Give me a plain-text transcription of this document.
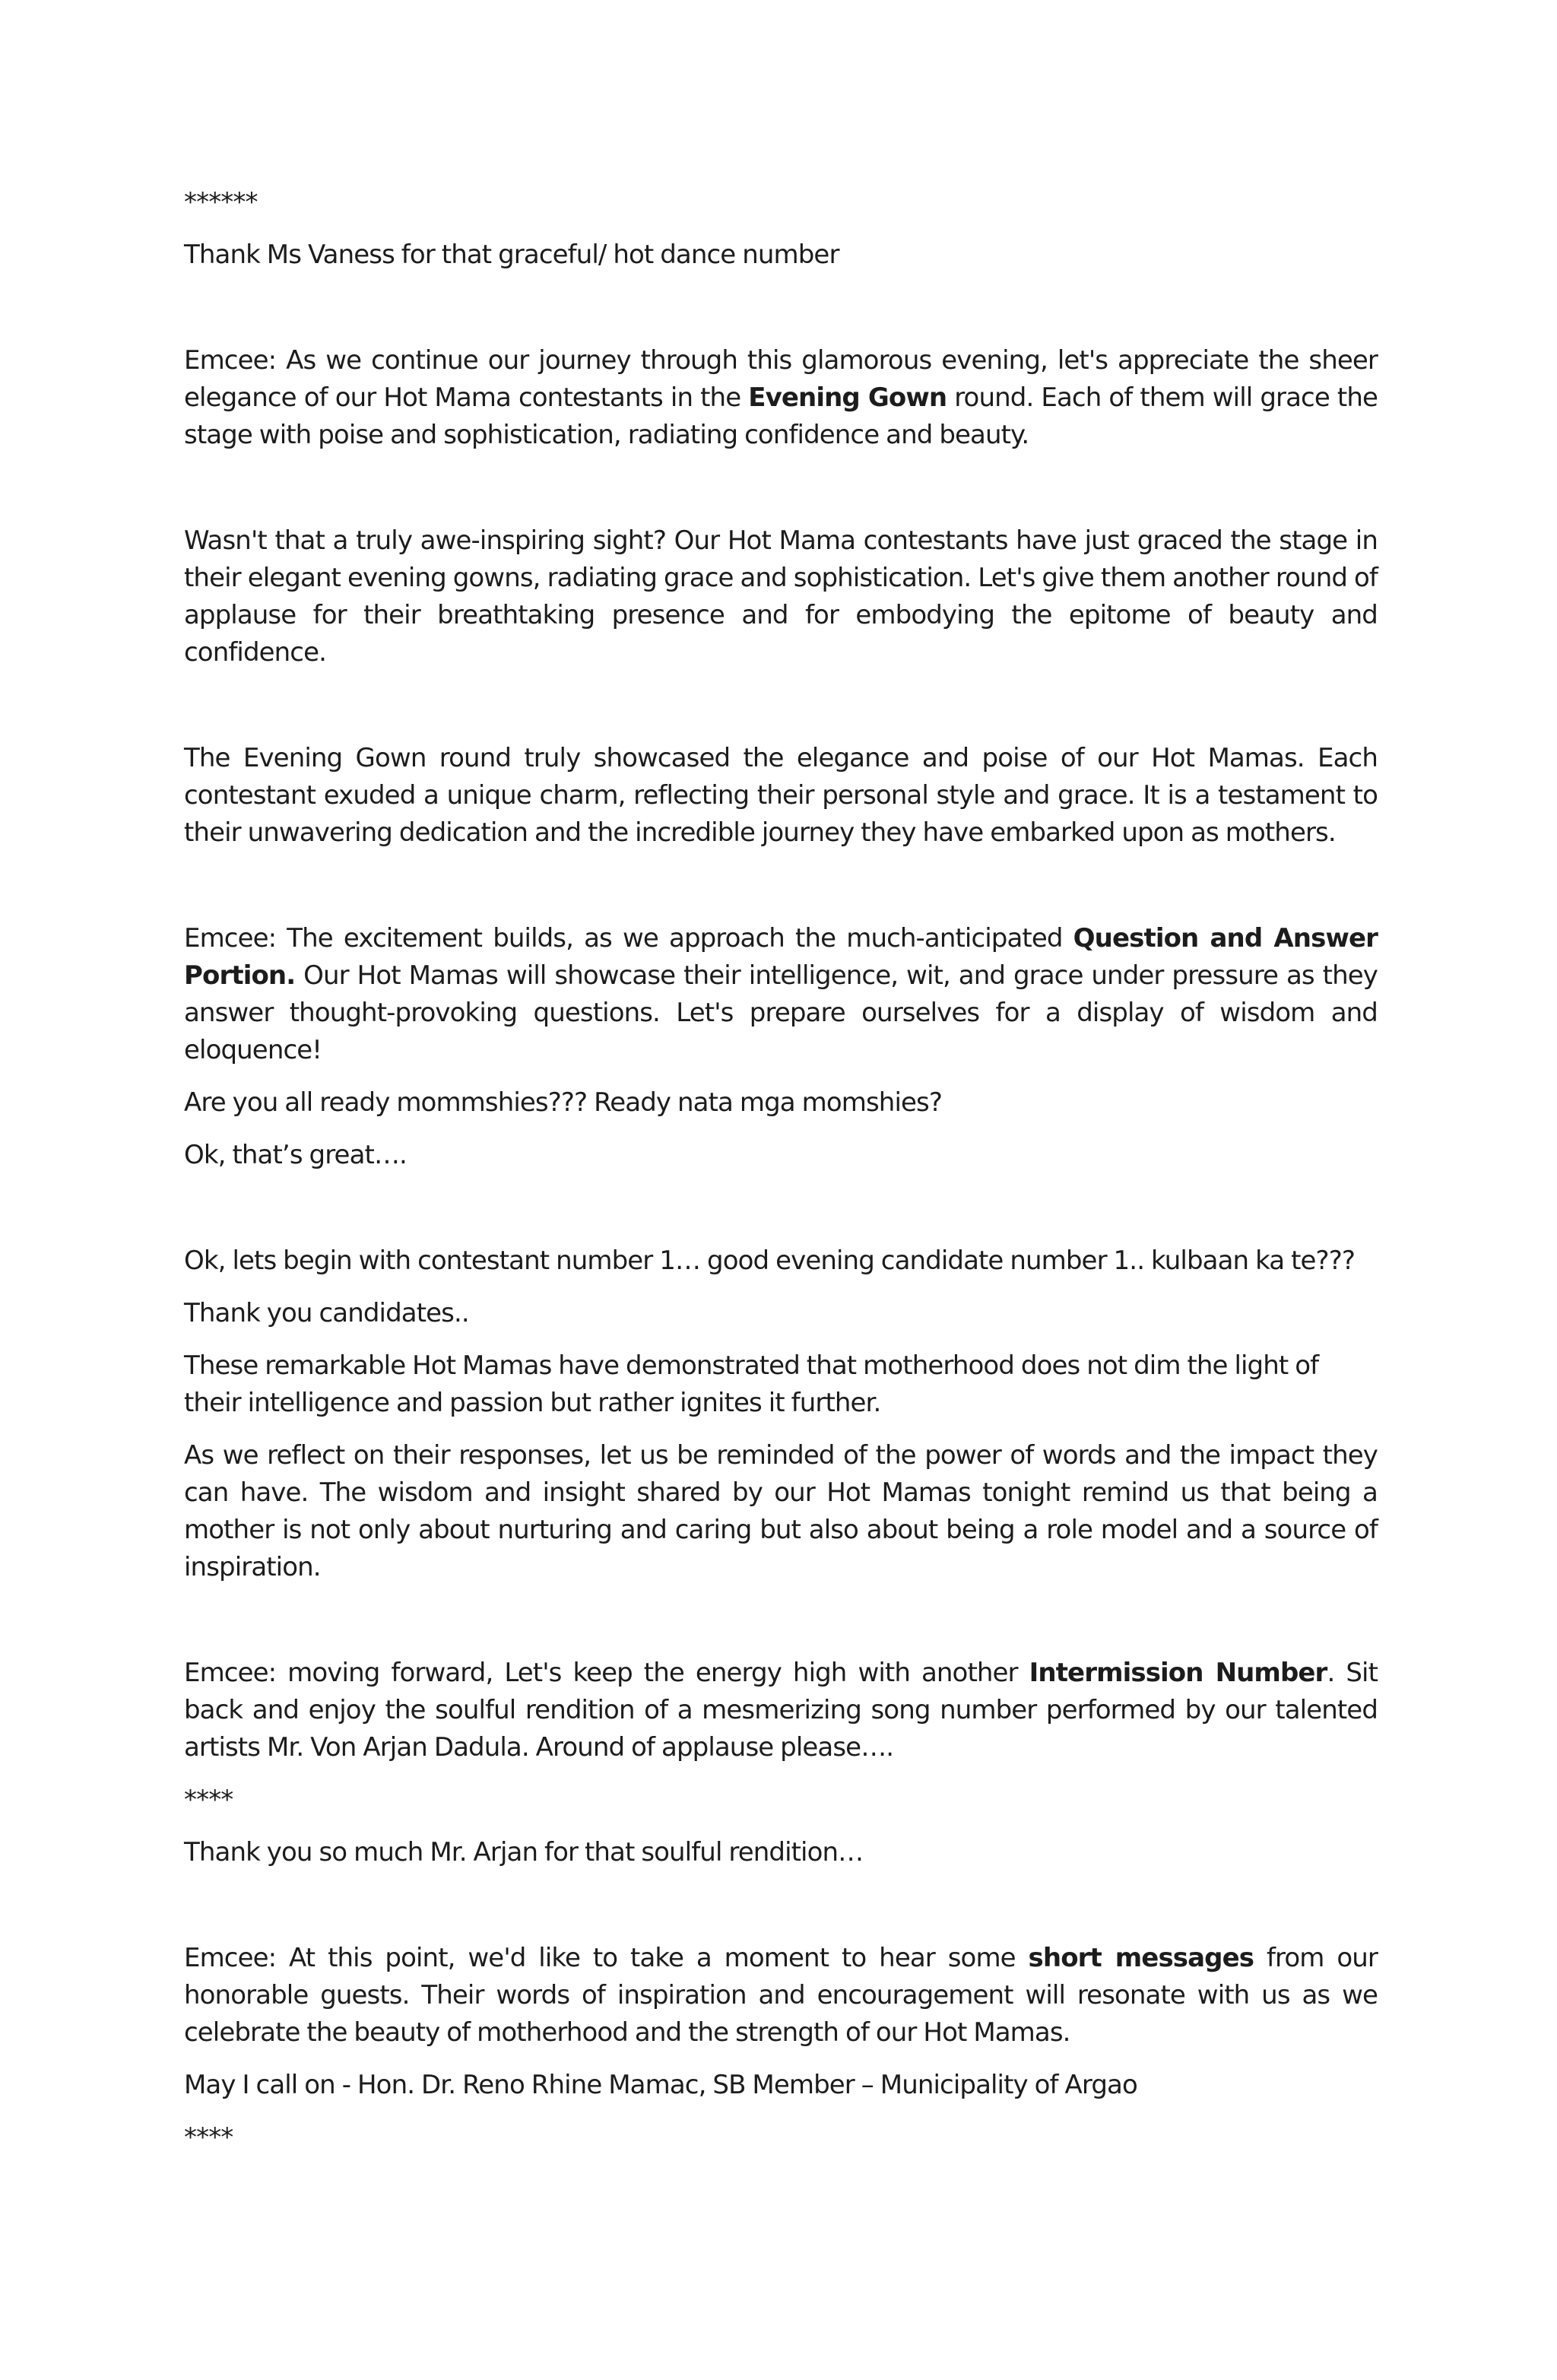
******

Thank Ms Vaness for that graceful/ hot dance number

Emcee: As we continue our journey through this glamorous evening, let's appreciate the sheer elegance of our Hot Mama contestants in the Evening Gown round. Each of them will grace the stage with poise and sophistication, radiating confidence and beauty.

Wasn't that a truly awe-inspiring sight? Our Hot Mama contestants have just graced the stage in their elegant evening gowns, radiating grace and sophistication. Let's give them another round of applause for their breathtaking presence and for embodying the epitome of beauty and confidence.

The Evening Gown round truly showcased the elegance and poise of our Hot Mamas. Each contestant exuded a unique charm, reflecting their personal style and grace. It is a testament to their unwavering dedication and the incredible journey they have embarked upon as mothers.

Emcee: The excitement builds, as we approach the much-anticipated Question and Answer Portion. Our Hot Mamas will showcase their intelligence, wit, and grace under pressure as they answer thought-provoking questions. Let's prepare ourselves for a display of wisdom and eloquence!

Are you all ready mommshies??? Ready nata mga momshies?

Ok, that’s great….

Ok, lets begin with contestant number 1… good evening candidate number 1.. kulbaan ka te???

Thank you candidates..

These remarkable Hot Mamas have demonstrated that motherhood does not dim the light of their intelligence and passion but rather ignites it further.

As we reflect on their responses, let us be reminded of the power of words and the impact they can have. The wisdom and insight shared by our Hot Mamas tonight remind us that being a mother is not only about nurturing and caring but also about being a role model and a source of inspiration.

Emcee: moving forward, Let's keep the energy high with another Intermission Number. Sit back and enjoy the soulful rendition of a mesmerizing song number performed by our talented artists Mr. Von Arjan Dadula. Around of applause please….

****

Thank you so much Mr. Arjan for that soulful rendition…

Emcee: At this point, we'd like to take a moment to hear some short messages from our honorable guests. Their words of inspiration and encouragement will resonate with us as we celebrate the beauty of motherhood and the strength of our Hot Mamas.

May I call on - Hon. Dr. Reno Rhine Mamac, SB Member – Municipality of Argao

****
